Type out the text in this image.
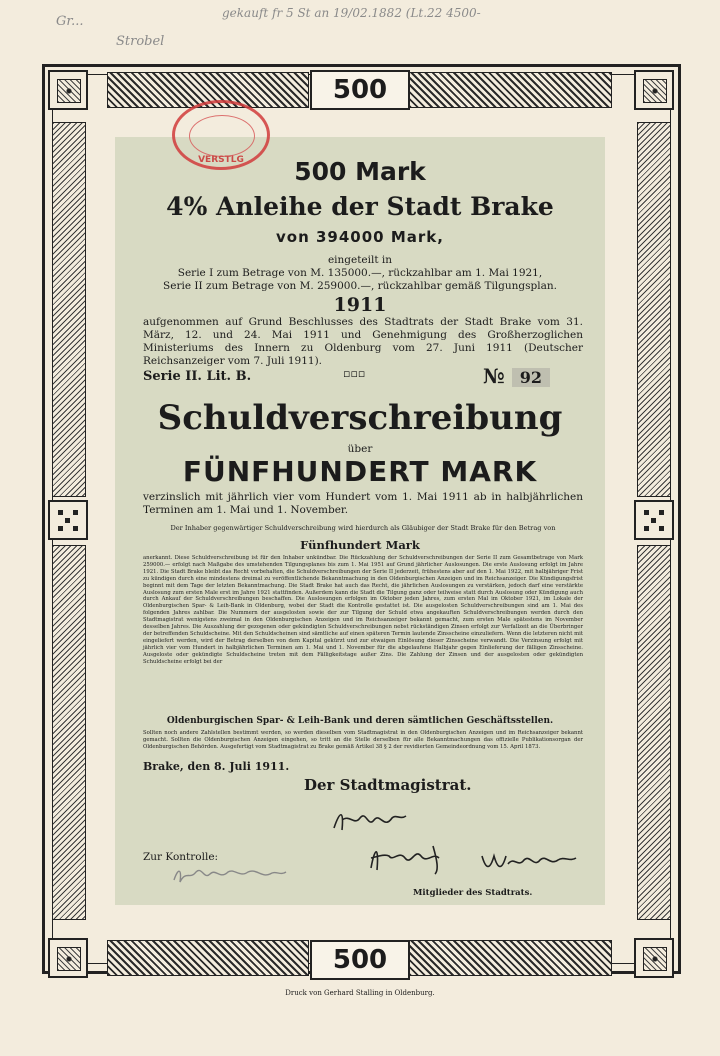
gekauft fr 5 St an 19/02.1882 (Lt.22 4500-
Gr...
Strobel
500
500
VERSTLG	500 Mark
4% Anleihe der Stadt Brake
von 394000 Mark,
eingeteilt in
Serie I zum Betrage von M. 135000.—, rückzahlbar am 1. Mai 1921,
Serie II zum Betrage von M. 259000.—, rückzahlbar gemäß Tilgungsplan.
1911
aufgenommen auf Grund Beschlusses des Stadtrats der Stadt Brake vom 31. März, 12. und 24. Mai 1911 und Genehmigung des Großherzoglichen Ministeriums des Innern zu Oldenburg vom 27. Juni 1911 (Deutscher Reichsanzeiger vom 7. Juli 1911).
Serie II. Lit. B.	▫▫▫	№ 92
Schuldverschreibung
über
FÜNFHUNDERT MARK
verzinslich mit jährlich vier vom Hundert vom 1. Mai 1911 ab in halbjährlichen Terminen am 1. Mai und 1. November.
Der Inhaber gegenwärtiger Schuldverschreibung wird hierdurch als Gläubiger der Stadt Brake für den Betrag von
Fünfhundert Mark
anerkannt. Diese Schuldverschreibung ist für den Inhaber unkündbar. Die Rückzahlung der Schuldverschreibungen der Serie II zum Gesamtbetrage von Mark 259000.— erfolgt nach Maßgabe des umstehenden Tilgungsplanes bis zum 1. Mai 1951 auf Grund jährlicher Auslosungen. Die erste Auslosung erfolgt im Jahre 1921. Die Stadt Brake bleibt das Recht vorbehalten, die Schuldverschreibungen der Serie II jederzeit, frühestens aber auf den 1. Mai 1922, mit halbjähriger Frist zu kündigen durch eine mindestens dreimal zu veröffentlichende Bekanntmachung in den Oldenburgischen Anzeigen und im Reichsanzeiger. Die Kündigungsfrist beginnt mit dem Tage der letzten Bekanntmachung. Die Stadt Brake hat auch das Recht, die jährlichen Auslosungen zu verstärken, jedoch darf eine verstärkte Auslosung zum ersten Male erst im Jahre 1921 stattfinden. Außerdem kann die Stadt die Tilgung ganz oder teilweise statt durch Auslosung oder Kündigung auch durch Ankauf der Schuldverschreibungen beschaffen. Die Auslosungen erfolgen im Oktober jeden Jahres, zum ersten Mal im Oktober 1921, im Lokale der Oldenburgischen Spar- & Leih-Bank in Oldenburg, wobei der Stadt die Kontrolle gestattet ist. Die ausgelosten Schuldverschreibungen sind am 1. Mai des folgenden Jahres zahlbar. Die Nummern der ausgelosten sowie der zur Tilgung der Schuld etwa angekauften Schuldverschreibungen werden durch den Stadtmagistrat wenigstens zweimal in den Oldenburgischen Anzeigen und im Reichsanzeiger bekannt gemacht, zum ersten Male spätestens im November desselben Jahres. Die Auszahlung der gezogenen oder gekündigten Schuldverschreibungen nebst rückständigen Zinsen erfolgt zur Verfallzeit an die Überbringer der betreffenden Schuldscheine. Mit den Schuldscheinen sind sämtliche auf einen späteren Termin lautende Zinsscheine einzuliefern. Wenn die letzteren nicht mit eingeliefert werden, wird der Betrag derselben von dem Kapital gekürzt und zur etwaigen Einlösung dieser Zinsscheine verwandt. Die Verzinsung erfolgt mit jährlich vier vom Hundert in halbjährlichen Terminen am 1. Mai und 1. November für die abgelaufene Halbjahr gegen Einlieferung der fälligen Zinsscheine. Ausgeloste oder gekündigte Schuldscheine treten mit dem Fälligkeitstage außer Zins. Die Zahlung der Zinsen und der ausgelosten oder gekündigten Schuldscheine erfolgt bei der
Oldenburgischen Spar- & Leih-Bank und deren sämtlichen Geschäftsstellen.
Sollten noch andere Zahlstellen bestimmt werden, so werden dieselben vom Stadtmagistrat in den Oldenburgischen Anzeigen und im Reichsanzeiger bekannt gemacht. Sollten die Oldenburgischen Anzeigen eingehen, so tritt an die Stelle derselben für alle Bekanntmachungen das offizielle Publikationsorgan der Oldenburgischen Behörden. Ausgefertigt vom Stadtmagistrat zu Brake gemäß Artikel 38 § 2 der revidierten Gemeindeordnung vom 15. April 1873.
Brake, den 8. Juli 1911.
Der Stadtmagistrat.
Zur Kontrolle:
Mitglieder des Stadtrats.
Druck von Gerhard Stalling in Oldenburg.
